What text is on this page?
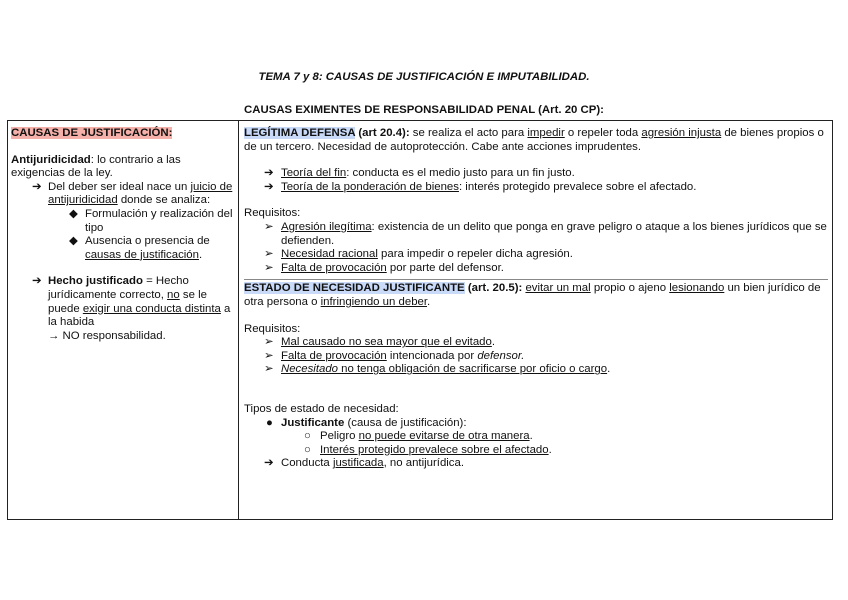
TEMA 7 y 8: CAUSAS DE JUSTIFICACIÓN E IMPUTABILIDAD.
CAUSAS EXIMENTES DE RESPONSABILIDAD PENAL (Art. 20 CP):
CAUSAS DE JUSTIFICACIÓN:
Antijuridicidad: lo contrario a las exigencias de la ley.
➔ Del deber ser ideal nace un juicio de antijuridicidad donde se analiza:
◆ Formulación y realización del tipo
◆ Ausencia o presencia de causas de justificación.
➔ Hecho justificado = Hecho jurídicamente correcto, no se le puede exigir una conducta distinta a la habida
→ NO responsabilidad.
LEGÍTIMA DEFENSA (art 20.4): se realiza el acto para impedir o repeler toda agresión injusta de bienes propios o de un tercero. Necesidad de autoprotección. Cabe ante acciones imprudentes.
➔ Teoría del fin: conducta es el medio justo para un fin justo.
➔ Teoría de la ponderación de bienes: interés protegido prevalece sobre el afectado.
Requisitos:
➢ Agresión ilegítima: existencia de un delito que ponga en grave peligro o ataque a los bienes jurídicos que se defienden.
➢ Necesidad racional para impedir o repeler dicha agresión.
➢ Falta de provocación por parte del defensor.
ESTADO DE NECESIDAD JUSTIFICANTE (art. 20.5): evitar un mal propio o ajeno lesionando un bien jurídico de otra persona o infringiendo un deber.
Requisitos:
➢ Mal causado no sea mayor que el evitado.
➢ Falta de provocación intencionada por defensor.
➢ Necesitado no tenga obligación de sacrificarse por oficio o cargo.
Tipos de estado de necesidad:
● Justificante (causa de justificación):
○ Peligro no puede evitarse de otra manera.
○ Interés protegido prevalece sobre el afectado.
➔ Conducta justificada, no antijurídica.
